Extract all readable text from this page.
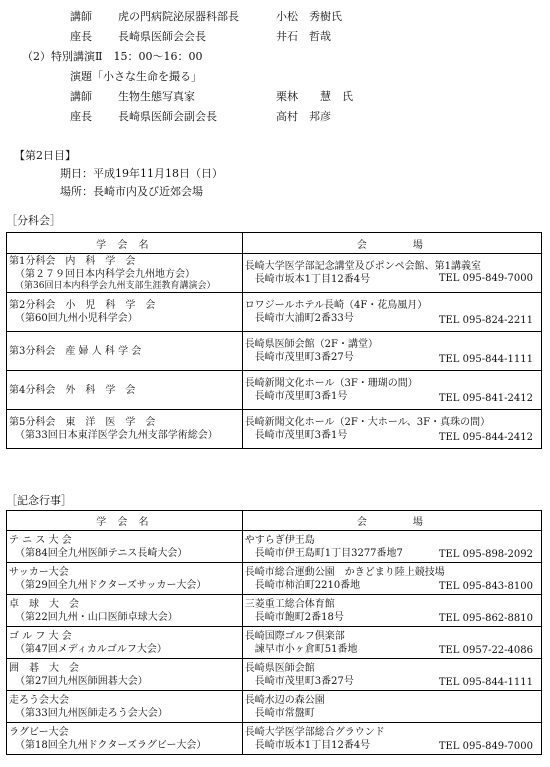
講師 虎の門病院泌尿器科部長	小松　秀樹氏
座長 長崎県医師会会長	井石　哲哉
（2）特別講演Ⅱ　15：00〜16：00
演題「小さな生命を撮る」
講師 生物生態写真家	栗林　　慧　氏
座長 長崎県医師会副会長	高村　邦彦
【第2日目】
期日：平成19年11月18日（日）
場所：長崎市内及び近郊会場
［分科会］
学 会 名	会　　　場

第1分科会　内　科　学　会
（第２７９回日本内科学会九州地方会）
（第36回日本内科学会九州支部生涯教育講演会）	長崎大学医学部記念講堂及びポンペ会館、第1講義室
長崎市坂本1丁目12番4号 TEL 095-849-7000

第2分科会　小　児　科　学　会
（第60回九州小児科学会）	ロワジールホテル長崎（4F・花鳥風月）
長崎市大浦町2番33号 TEL 095-824-2211

第3分科会　産 婦 人 科 学 会	長崎県医師会館（2F・講堂）
長崎市茂里町3番27号 TEL 095-844-1111

第4分科会　外　科　学　会	長崎新聞文化ホール（3F・珊瑚の間）
長崎市茂里町3番1号 TEL 095-841-2412

第5分科会　東　洋　医　学　会
（第33回日本東洋医学会九州支部学術総会）	長崎新聞文化ホール（2F・大ホール、3F・真珠の間）
長崎市茂里町3番1号 TEL 095-844-2412
［記念行事］
学 会 名	会　　　場

テ ニ ス 大 会
（第84回全九州医師テニス長崎大会）	やすらぎ伊王島
長崎市伊王島町1丁目3277番地7 TEL 095-898-2092

サッカー大会
（第29回全九州ドクターズサッカー大会）	長崎市総合運動公園　かきどまり陸上競技場
長崎市柿泊町2210番地 TEL 095-843-8100

卓　球　大　会
（第22回九州・山口医師卓球大会）	三菱重工総合体育館
長崎市飽町2番18号 TEL 095-862-8810

ゴ ル フ 大 会
（第47回メディカルゴルフ大会）	長崎国際ゴルフ倶楽部
諫早市小ヶ倉町51番地 TEL 0957-22-4086

囲　碁　大　会
（第27回九州医師囲碁大会）	長崎県医師会館
長崎市茂里町3番27号 TEL 095-844-1111

走ろう会大会
（第33回九州医師走ろう会大会）	長崎水辺の森公園
長崎市常盤町

ラグビー大会
（第18回全九州ドクターズラグビー大会）	長崎大学医学部総合グラウンド
長崎市坂本1丁目12番4号 TEL 095-849-7000
